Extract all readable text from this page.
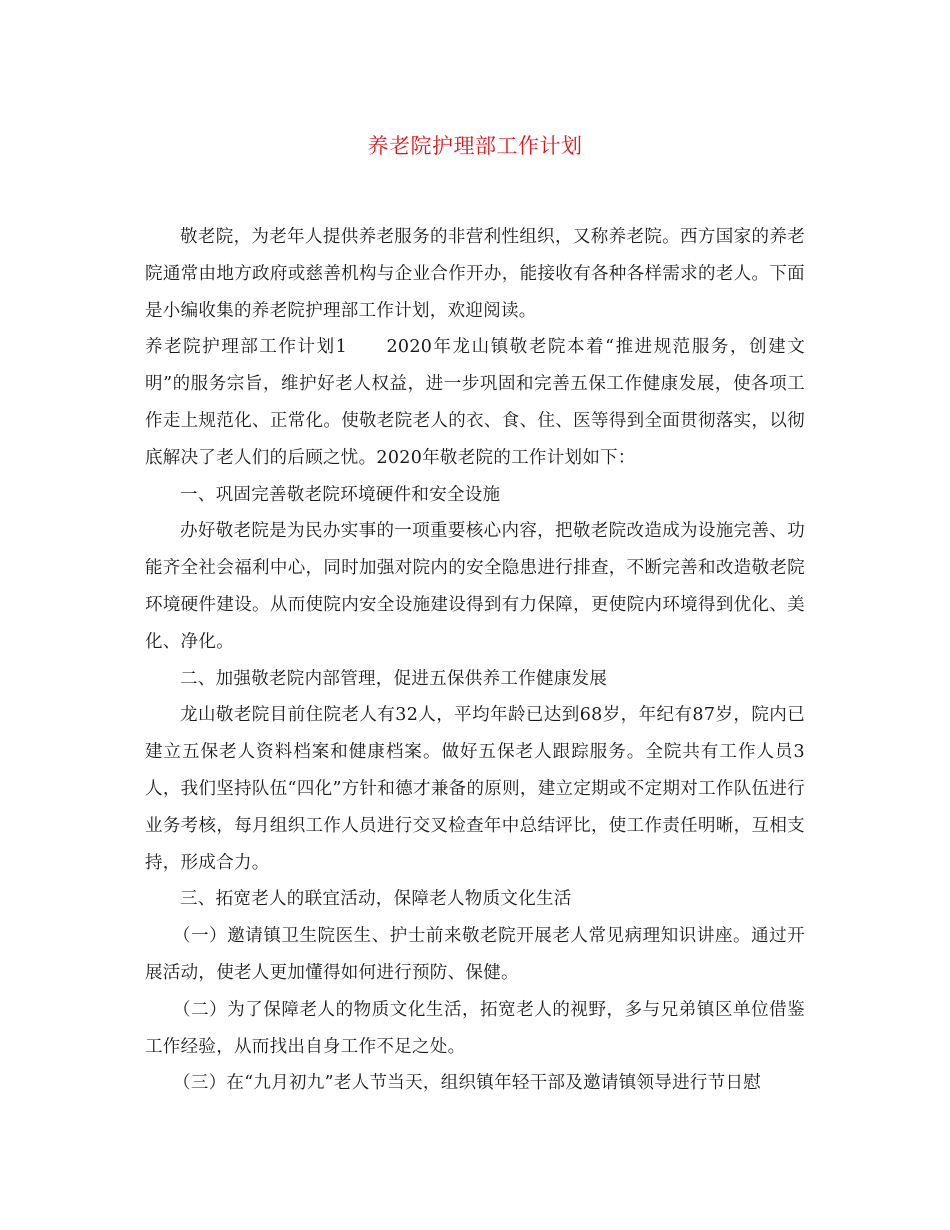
养老院护理部工作计划

敬老院，为老年人提供养老服务的非营利性组织，又称养老院。西方国家的养老院通常由地方政府或慈善机构与企业合作开办，能接收有各种各样需求的老人。下面是小编收集的养老院护理部工作计划，欢迎阅读。

养老院护理部工作计划1　　2020年龙山镇敬老院本着“推进规范服务，创建文明”的服务宗旨，维护好老人权益，进一步巩固和完善五保工作健康发展，使各项工作走上规范化、正常化。使敬老院老人的衣、食、住、医等得到全面贯彻落实，以彻底解决了老人们的后顾之忧。2020年敬老院的工作计划如下：

一、巩固完善敬老院环境硬件和安全设施

办好敬老院是为民办实事的一项重要核心内容，把敬老院改造成为设施完善、功能齐全社会福利中心，同时加强对院内的安全隐患进行排查，不断完善和改造敬老院环境硬件建设。从而使院内安全设施建设得到有力保障，更使院内环境得到优化、美化、净化。

二、加强敬老院内部管理，促进五保供养工作健康发展

龙山敬老院目前住院老人有32人，平均年龄已达到68岁，年纪有87岁，院内已建立五保老人资料档案和健康档案。做好五保老人跟踪服务。全院共有工作人员3人，我们坚持队伍“四化”方针和德才兼备的原则，建立定期或不定期对工作队伍进行业务考核，每月组织工作人员进行交叉检查年中总结评比，使工作责任明晰，互相支持，形成合力。

三、拓宽老人的联宜活动，保障老人物质文化生活

（一）邀请镇卫生院医生、护士前来敬老院开展老人常见病理知识讲座。通过开展活动，使老人更加懂得如何进行预防、保健。

（二）为了保障老人的物质文化生活，拓宽老人的视野，多与兄弟镇区单位借鉴工作经验，从而找出自身工作不足之处。

（三）在“九月初九”老人节当天，组织镇年轻干部及邀请镇领导进行节日慰
